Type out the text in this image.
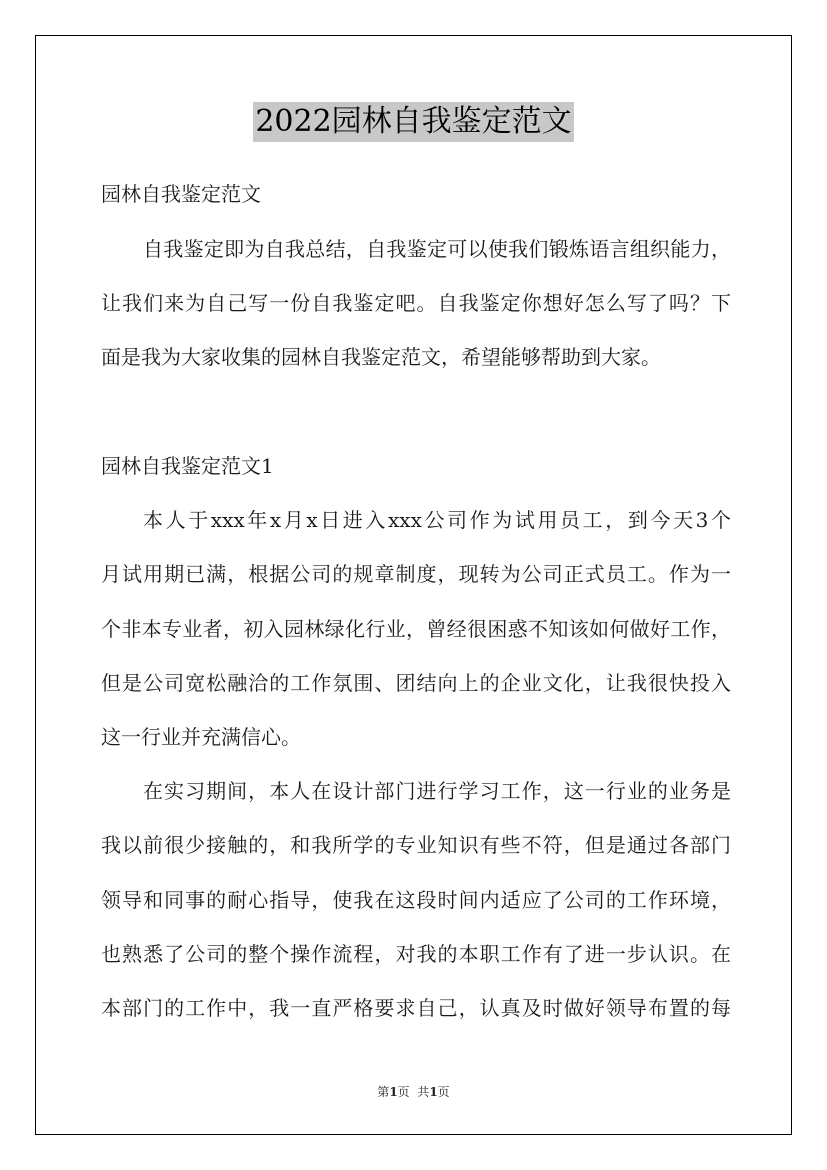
2022园林自我鉴定范文
园林自我鉴定范文
自我鉴定即为自我总结，自我鉴定可以使我们锻炼语言组织能力，
让我们来为自己写一份自我鉴定吧。自我鉴定你想好怎么写了吗？下
面是我为大家收集的园林自我鉴定范文，希望能够帮助到大家。
园林自我鉴定范文1
本人于xxx年x月x日进入xxx公司作为试用员工，到今天3个
月试用期已满，根据公司的规章制度，现转为公司正式员工。作为一
个非本专业者，初入园林绿化行业，曾经很困惑不知该如何做好工作，
但是公司宽松融洽的工作氛围、团结向上的企业文化，让我很快投入
这一行业并充满信心。
在实习期间，本人在设计部门进行学习工作，这一行业的业务是
我以前很少接触的，和我所学的专业知识有些不符，但是通过各部门
领导和同事的耐心指导，使我在这段时间内适应了公司的工作环境，
也熟悉了公司的整个操作流程，对我的本职工作有了进一步认识。在
本部门的工作中，我一直严格要求自己，认真及时做好领导布置的每
第1页  共1页
